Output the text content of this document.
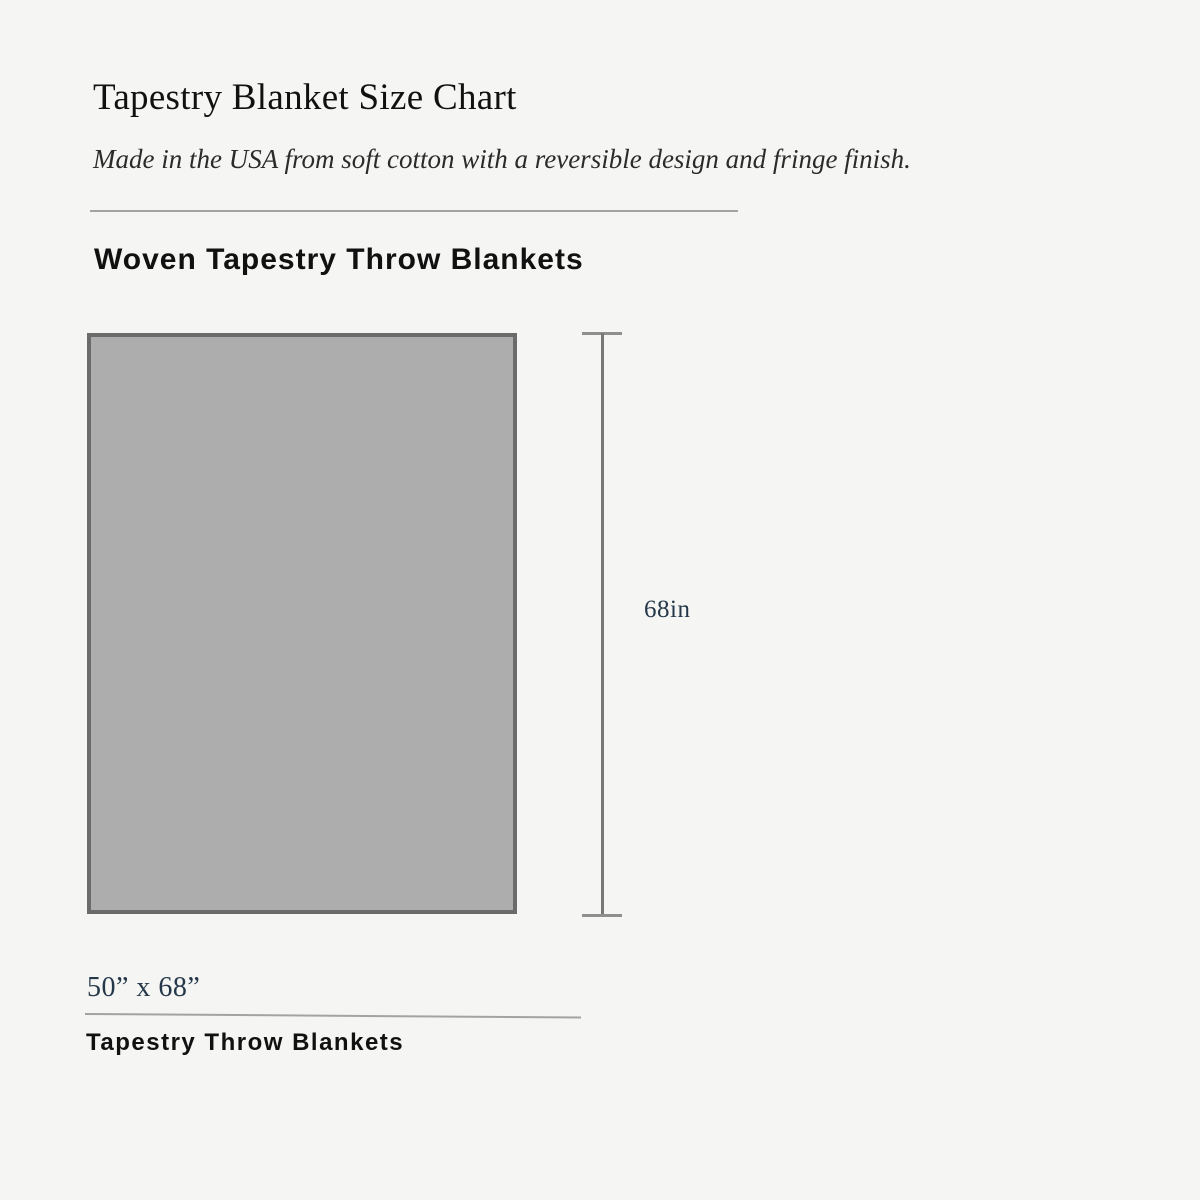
Tapestry Blanket Size Chart

Made in the USA from soft cotton with a reversible design and fringe finish.

Woven Tapestry Throw Blankets
68in
50” x 68”
Tapestry Throw Blankets
